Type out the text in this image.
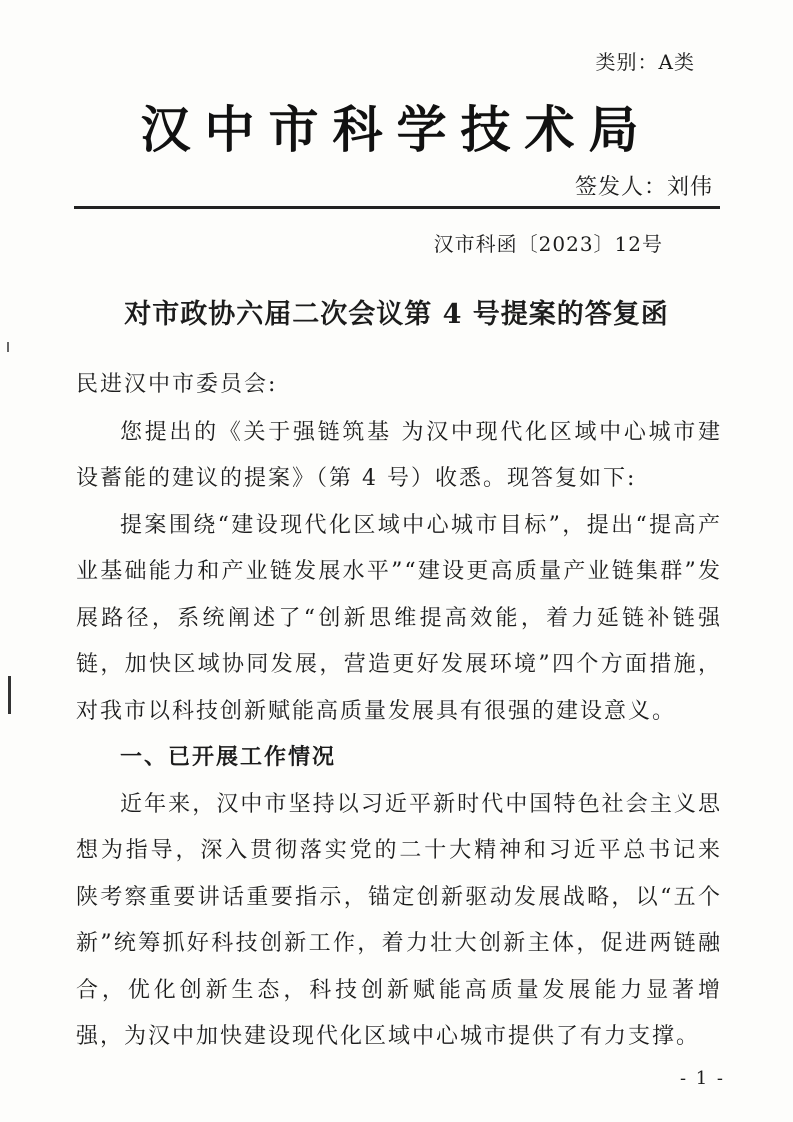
类别：A类
汉中市科学技术局
签发人：刘伟
汉市科函〔2023〕12号
对市政协六届二次会议第 4 号提案的答复函

民进汉中市委员会:

您提出的《关于强链筑基 为汉中现代化区域中心城市建设蓄能的建议的提案》（第 4 号）收悉。现答复如下:

提案围绕“建设现代化区域中心城市目标”，提出“提高产业基础能力和产业链发展水平”“建设更高质量产业链集群”发展路径，系统阐述了“创新思维提高效能，着力延链补链强链，加快区域协同发展，营造更好发展环境”四个方面措施，对我市以科技创新赋能高质量发展具有很强的建设意义。

一、已开展工作情况

近年来，汉中市坚持以习近平新时代中国特色社会主义思想为指导，深入贯彻落实党的二十大精神和习近平总书记来陕考察重要讲话重要指示，锚定创新驱动发展战略，以“五个新”统筹抓好科技创新工作，着力壮大创新主体，促进两链融合，优化创新生态，科技创新赋能高质量发展能力显著增强，为汉中加快建设现代化区域中心城市提供了有力支撑。

- 1 -
